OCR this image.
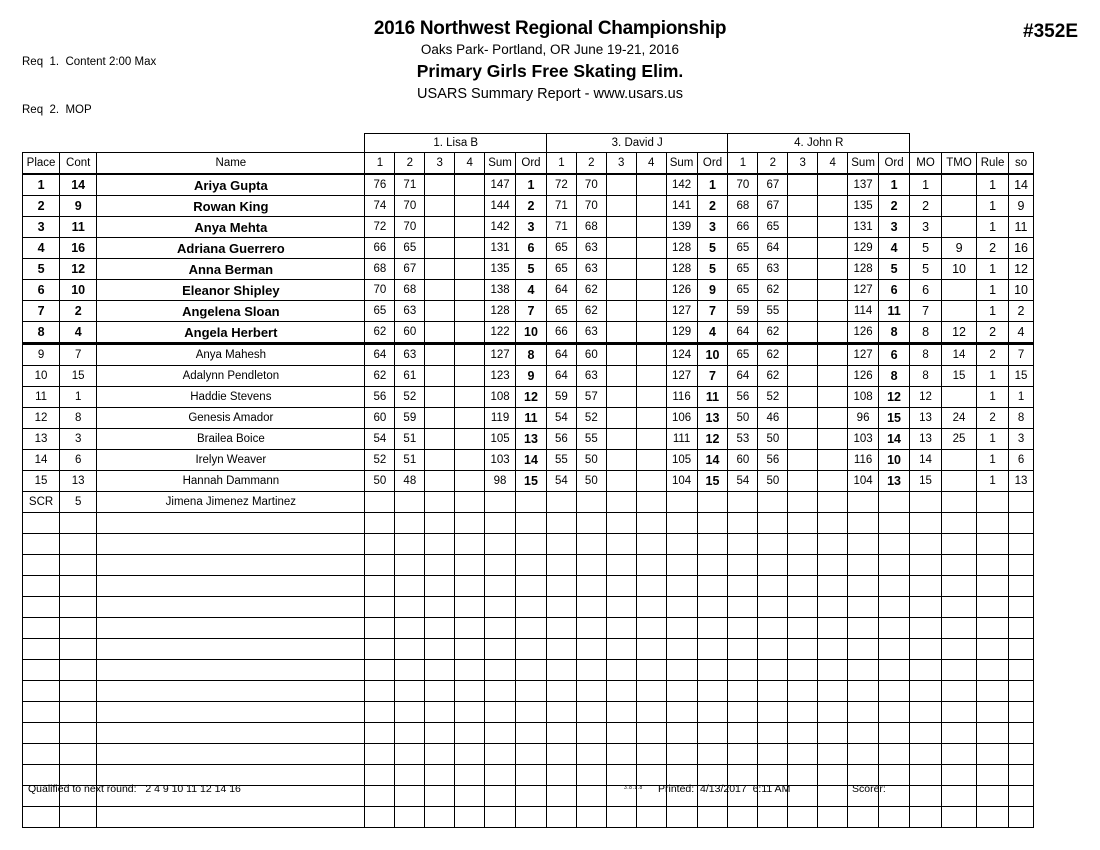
Req  1.  Content 2:00 Max

Req  2.  MOP

2016 Northwest Regional Championship
Oaks Park- Portland, OR June 19-21, 2016
Primary Girls Free Skating Elim.
USARS Summary Report - www.usars.us
#352E
			1. Lisa B						3. David J						4. John R									
Place	Cont	Name	1	2	3	4	Sum	Ord	1	2	3	4	Sum	Ord	1	2	3	4	Sum	Ord	MO	TMO	Rule	so
1	14	Ariya Gupta	76	71			147	1	72	70			142	1	70	67			137	1	1		1	14
2	9	Rowan King	74	70			144	2	71	70			141	2	68	67			135	2	2		1	9
3	11	Anya Mehta	72	70			142	3	71	68			139	3	66	65			131	3	3		1	11
4	16	Adriana Guerrero	66	65			131	6	65	63			128	5	65	64			129	4	5	9	2	16
5	12	Anna Berman	68	67			135	5	65	63			128	5	65	63			128	5	5	10	1	12
6	10	Eleanor Shipley	70	68			138	4	64	62			126	9	65	62			127	6	6		1	10
7	2	Angelena Sloan	65	63			128	7	65	62			127	7	59	55			114	11	7		1	2
8	4	Angela Herbert	62	60			122	10	66	63			129	4	64	62			126	8	8	12	2	4
9	7	Anya Mahesh	64	63			127	8	64	60			124	10	65	62			127	6	8	14	2	7
10	15	Adalynn Pendleton	62	61			123	9	64	63			127	7	64	62			126	8	8	15	1	15
11	1	Haddie Stevens	56	52			108	12	59	57			116	11	56	52			108	12	12		1	1
12	8	Genesis Amador	60	59			119	11	54	52			106	13	50	46			96	15	13	24	2	8
13	3	Brailea Boice	54	51			105	13	56	55			111	12	53	50			103	14	13	25	1	3
14	6	Irelyn Weaver	52	51			103	14	55	50			105	14	60	56			116	10	14		1	6
15	13	Hannah Dammann	50	48			98	15	54	50			104	15	54	50			104	13	15		1	13
SCR	5	Jimena Jimenez Martinez																						

Qualified to next round:   2 4 9 10 11 12 14 16	3.8.1.8 Printed:  4/13/2017  6:11 AM	Scorer:
